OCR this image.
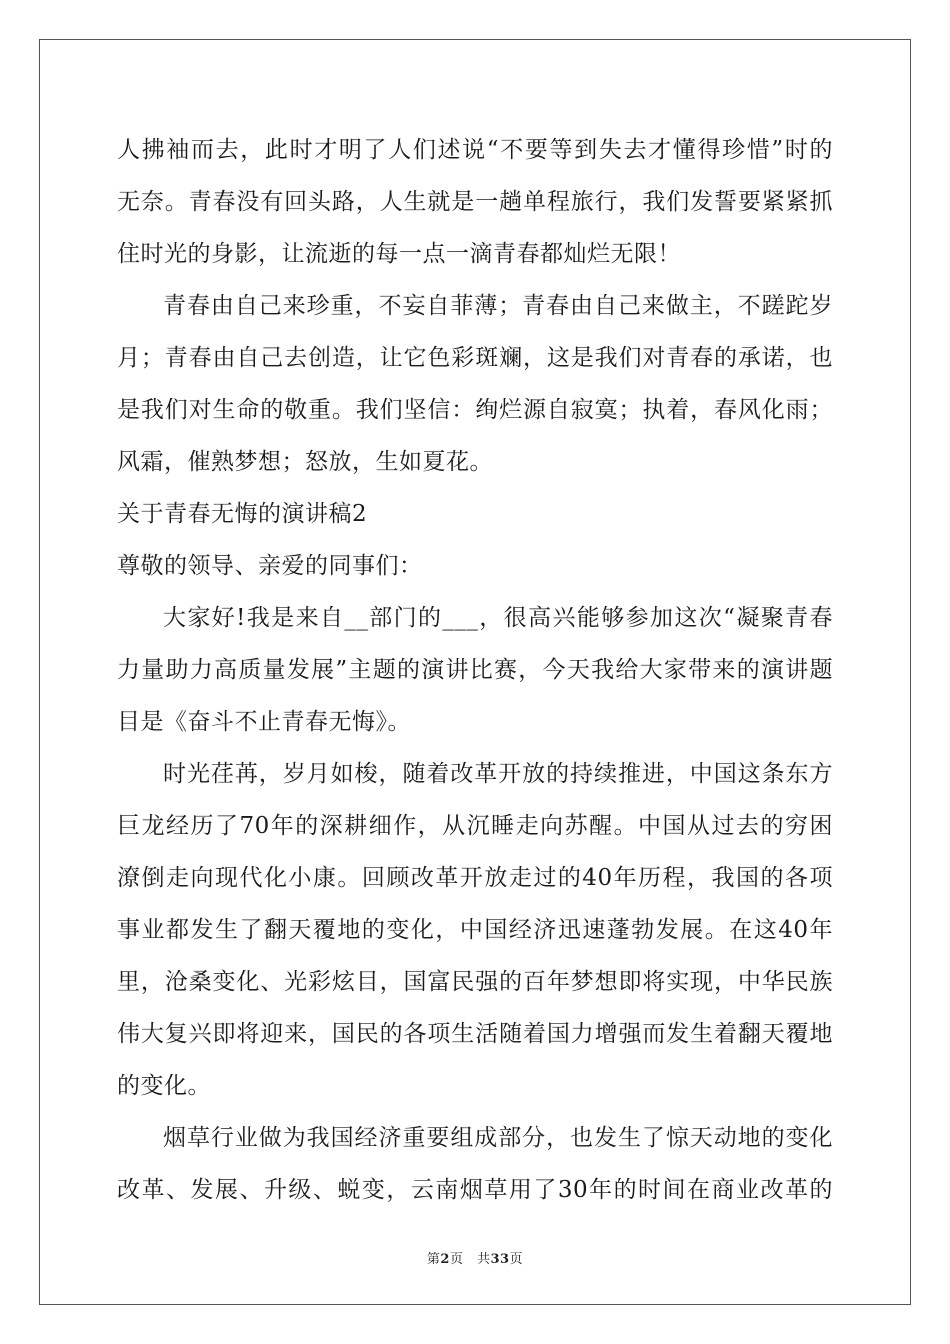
人拂袖而去，此时才明了人们述说“不要等到失去才懂得珍惜”时的
无奈。青春没有回头路，人生就是一趟单程旅行，我们发誓要紧紧抓
住时光的身影，让流逝的每一点一滴青春都灿烂无限！
青春由自己来珍重，不妄自菲薄；青春由自己来做主，不蹉跎岁
月；青春由自己去创造，让它色彩斑斓，这是我们对青春的承诺，也
是我们对生命的敬重。我们坚信：绚烂源自寂寞；执着，春风化雨；
风霜，催熟梦想；怒放，生如夏花。
关于青春无悔的演讲稿2
尊敬的领导、亲爱的同事们：
大家好!我是来自__部门的___，很高兴能够参加这次“凝聚青春
力量助力高质量发展”主题的演讲比赛，今天我给大家带来的演讲题
目是《奋斗不止青春无悔》。
时光荏苒，岁月如梭，随着改革开放的持续推进，中国这条东方
巨龙经历了70年的深耕细作，从沉睡走向苏醒。中国从过去的穷困
潦倒走向现代化小康。回顾改革开放走过的40年历程，我国的各项
事业都发生了翻天覆地的变化，中国经济迅速蓬勃发展。在这40年
里，沧桑变化、光彩炫目，国富民强的百年梦想即将实现，中华民族
伟大复兴即将迎来，国民的各项生活随着国力增强而发生着翻天覆地
的变化。
烟草行业做为我国经济重要组成部分，也发生了惊天动地的变化
改革、发展、升级、蜕变，云南烟草用了30年的时间在商业改革的
第2页　共33页
